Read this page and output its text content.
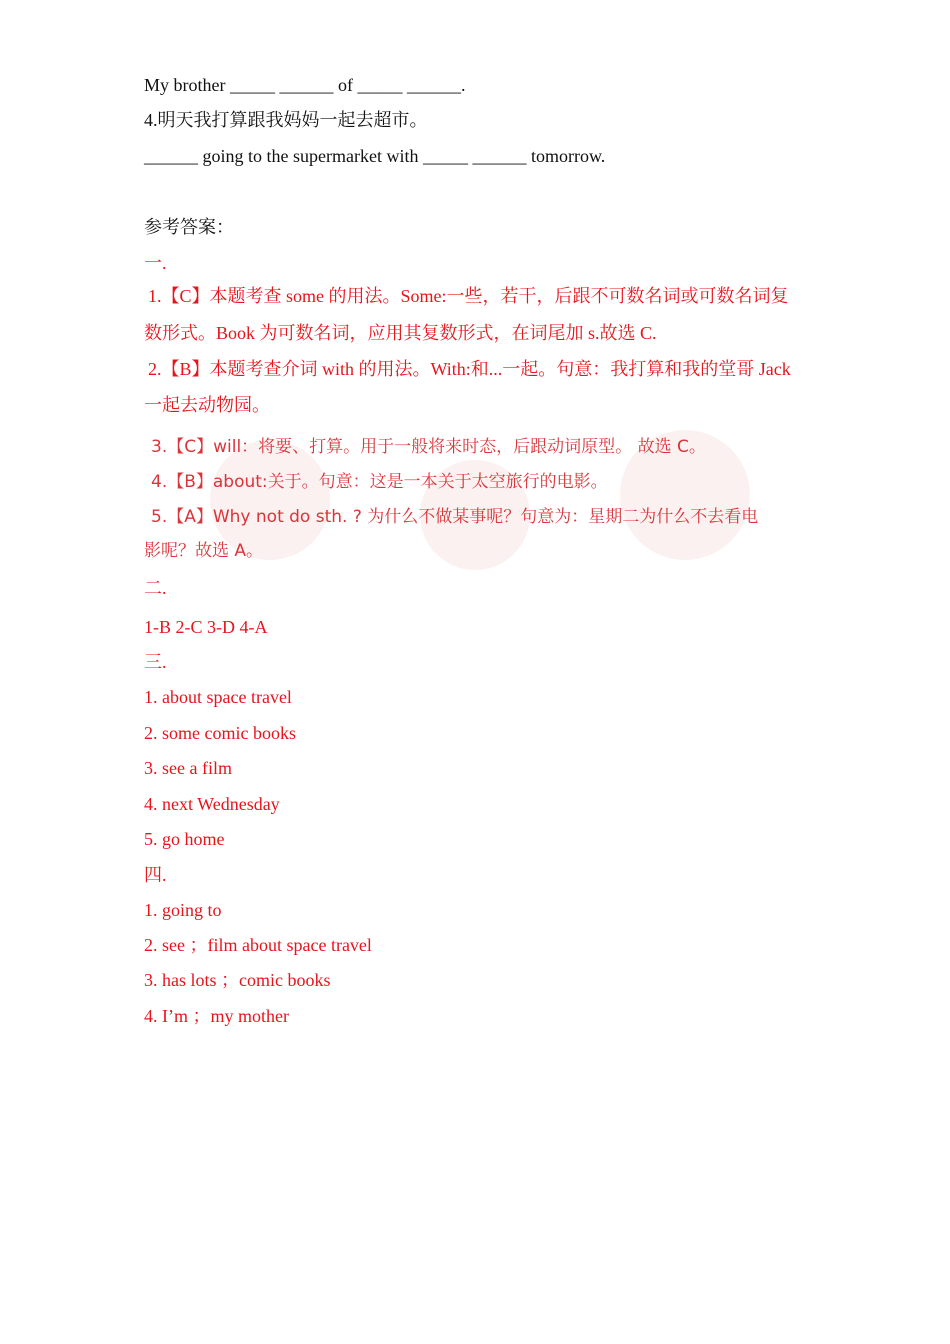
My brother _____ ______ of _____ ______.
4.明天我打算跟我妈妈一起去超市。
______ going to the supermarket with _____ ______ tomorrow.
参考答案：
一.
1.【C】本题考查 some 的用法。Some:一些，若干，后跟不可数名词或可数名词复
数形式。Book 为可数名词，应用其复数形式，在词尾加 s.故选 C.
2.【B】本题考查介词 with 的用法。With:和...一起。句意：我打算和我的堂哥 Jack
一起去动物园。
3.【C】will：将要、打算。用于一般将来时态，后跟动词原型。 故选 C。
4.【B】about:关于。句意：这是一本关于太空旅行的电影。
5.【A】Why not do sth. ? 为什么不做某事呢？句意为：星期二为什么不去看电
影呢？故选 A。
二.
1-B 2-C 3-D 4-A
三.
1. about space travel
2. some comic books
3. see a film
4. next Wednesday
5. go home
四.
1. going to
2. see ；film about space travel
3. has lots ；comic books
4. I’m ；my mother
